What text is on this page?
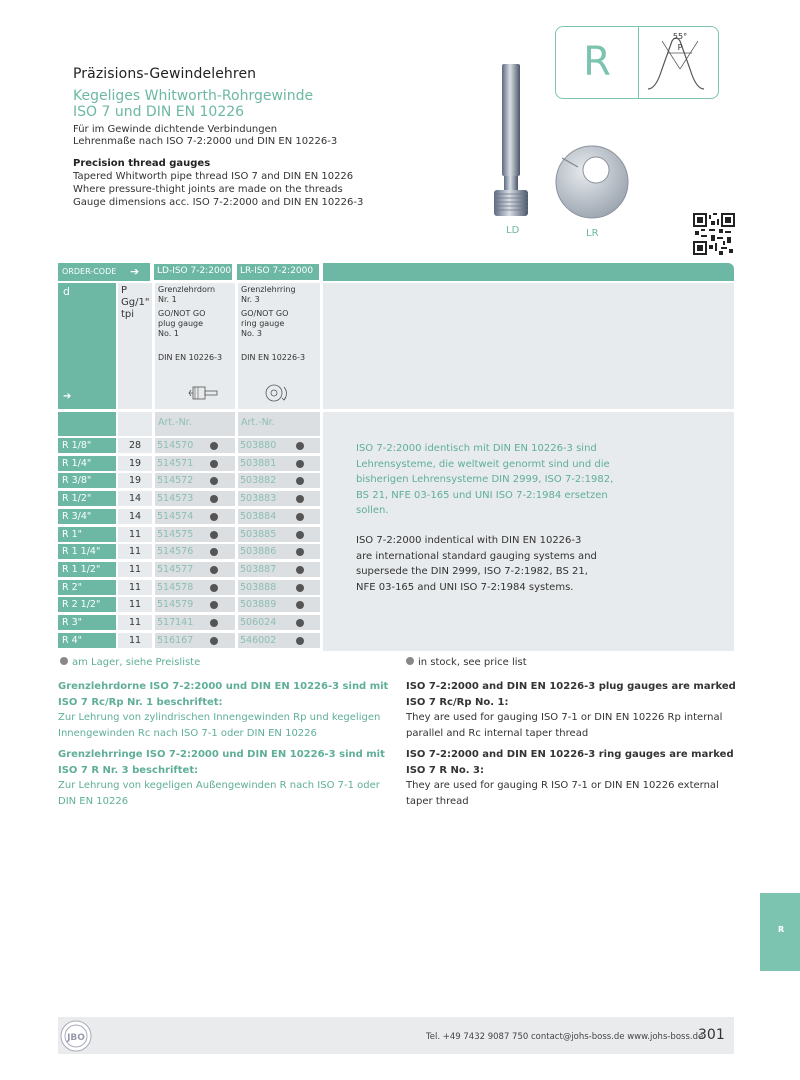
Präzisions-Gewindelehren
Kegeliges Whitworth-Rohrgewinde
ISO 7 und DIN EN 10226
Für im Gewinde dichtende Verbindungen
Lehrenmaße nach ISO 7-2:2000 und DIN EN 10226-3
Precision thread gauges
Tapered Whitworth pipe thread ISO 7 and DIN EN 10226
Where pressure-thight joints are made on the threads
Gauge dimensions acc. ISO 7-2:2000 and DIN EN 10226-3
R
55°
P
LD	LR
ORDER-CODE ➔ LD-ISO 7-2:2000 LR-ISO 7-2:2000
d
➔
P
Gg/1"
tpi
Grenzlehrdorn
Nr. 1
GO/NOT GO
plug gauge
No. 1
DIN EN 10226-3
Grenzlehrring
Nr. 3
GO/NOT GO
ring gauge
No. 3
DIN EN 10226-3
Art.-Nr.	Art.-Nr.
R 1/8"	28	514570	503880
R 1/4"	19	514571	503881
R 3/8"	19	514572	503882
R 1/2"	14	514573	503883
R 3/4"	14	514574	503884
R 1"	11	514575	503885
R 1 1/4"	11	514576	503886
R 1 1/2"	11	514577	503887
R 2"	11	514578	503888
R 2 1/2"	11	514579	503889
R 3"	11	517141	506024
R 4"	11	516167	546002
ISO 7-2:2000 identisch mit DIN EN 10226-3 sind
Lehrensysteme, die weltweit genormt sind und die
bisherigen Lehrensysteme DIN 2999, ISO 7-2:1982,
BS 21, NFE 03-165 und UNI ISO 7-2:1984 ersetzen
sollen.
ISO 7-2:2000 indentical with DIN EN 10226-3
are international standard gauging systems and
supersede the DIN 2999, ISO 7-2:1982, BS 21,
NFE 03-165 and UNI ISO 7-2:1984 systems.
am Lager, siehe Preisliste	in stock, see price list
Grenzlehrdorne ISO 7-2:2000 und DIN EN 10226-3 sind mit
ISO 7 Rc/Rp Nr. 1 beschriftet:
Zur Lehrung von zylindrischen Innengewinden Rp und kegeligen
Innengewinden Rc nach ISO 7-1 oder DIN EN 10226
Grenzlehrringe ISO 7-2:2000 und DIN EN 10226-3 sind mit
ISO 7 R Nr. 3 beschriftet:
Zur Lehrung von kegeligen Außengewinden R nach ISO 7-1 oder
DIN EN 10226
ISO 7-2:2000 and DIN EN 10226-3 plug gauges are marked
ISO 7 Rc/Rp No. 1:
They are used for gauging ISO 7-1 or DIN EN 10226 Rp internal
parallel and Rc internal taper thread
ISO 7-2:2000 and DIN EN 10226-3 ring gauges are marked
ISO 7 R No. 3:
They are used for gauging R ISO 7-1 or DIN EN 10226 external
taper thread
R
JBO	Tel. +49 7432 9087 750 contact@johs-boss.de www.johs-boss.de
301
